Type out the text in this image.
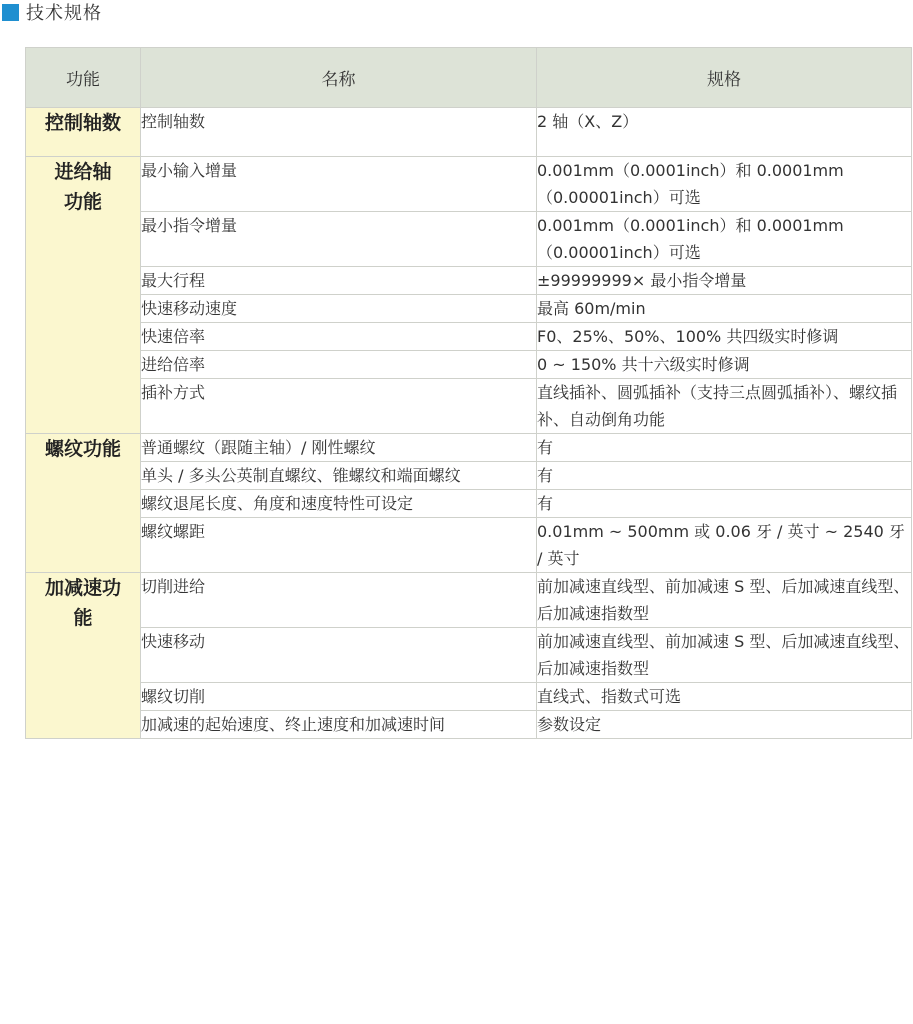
技术规格
功能	名称	规格
控制轴数	控制轴数	2 轴（X、Z）
进给轴功能	最小输入增量	0.001mm（0.0001inch）和 0.0001mm（0.00001inch）可选
	最小指令增量	0.001mm（0.0001inch）和 0.0001mm（0.00001inch）可选
	最大行程	±99999999× 最小指令增量
	快速移动速度	最高 60m/min
	快速倍率	F0、25%、50%、100% 共四级实时修调
	进给倍率	0 ~ 150% 共十六级实时修调
	插补方式	直线插补、圆弧插补（支持三点圆弧插补）、螺纹插补、自动倒角功能
螺纹功能	普通螺纹（跟随主轴）/ 刚性螺纹	有
	单头 / 多头公英制直螺纹、锥螺纹和端面螺纹	有
	螺纹退尾长度、角度和速度特性可设定	有
	螺纹螺距	0.01mm ~ 500mm 或 0.06 牙 / 英寸 ~ 2540 牙 / 英寸
加减速功能	切削进给	前加减速直线型、前加减速 S 型、后加减速直线型、后加减速指数型
	快速移动	前加减速直线型、前加减速 S 型、后加减速直线型、后加减速指数型
	螺纹切削	直线式、指数式可选
	加减速的起始速度、终止速度和加减速时间	参数设定
